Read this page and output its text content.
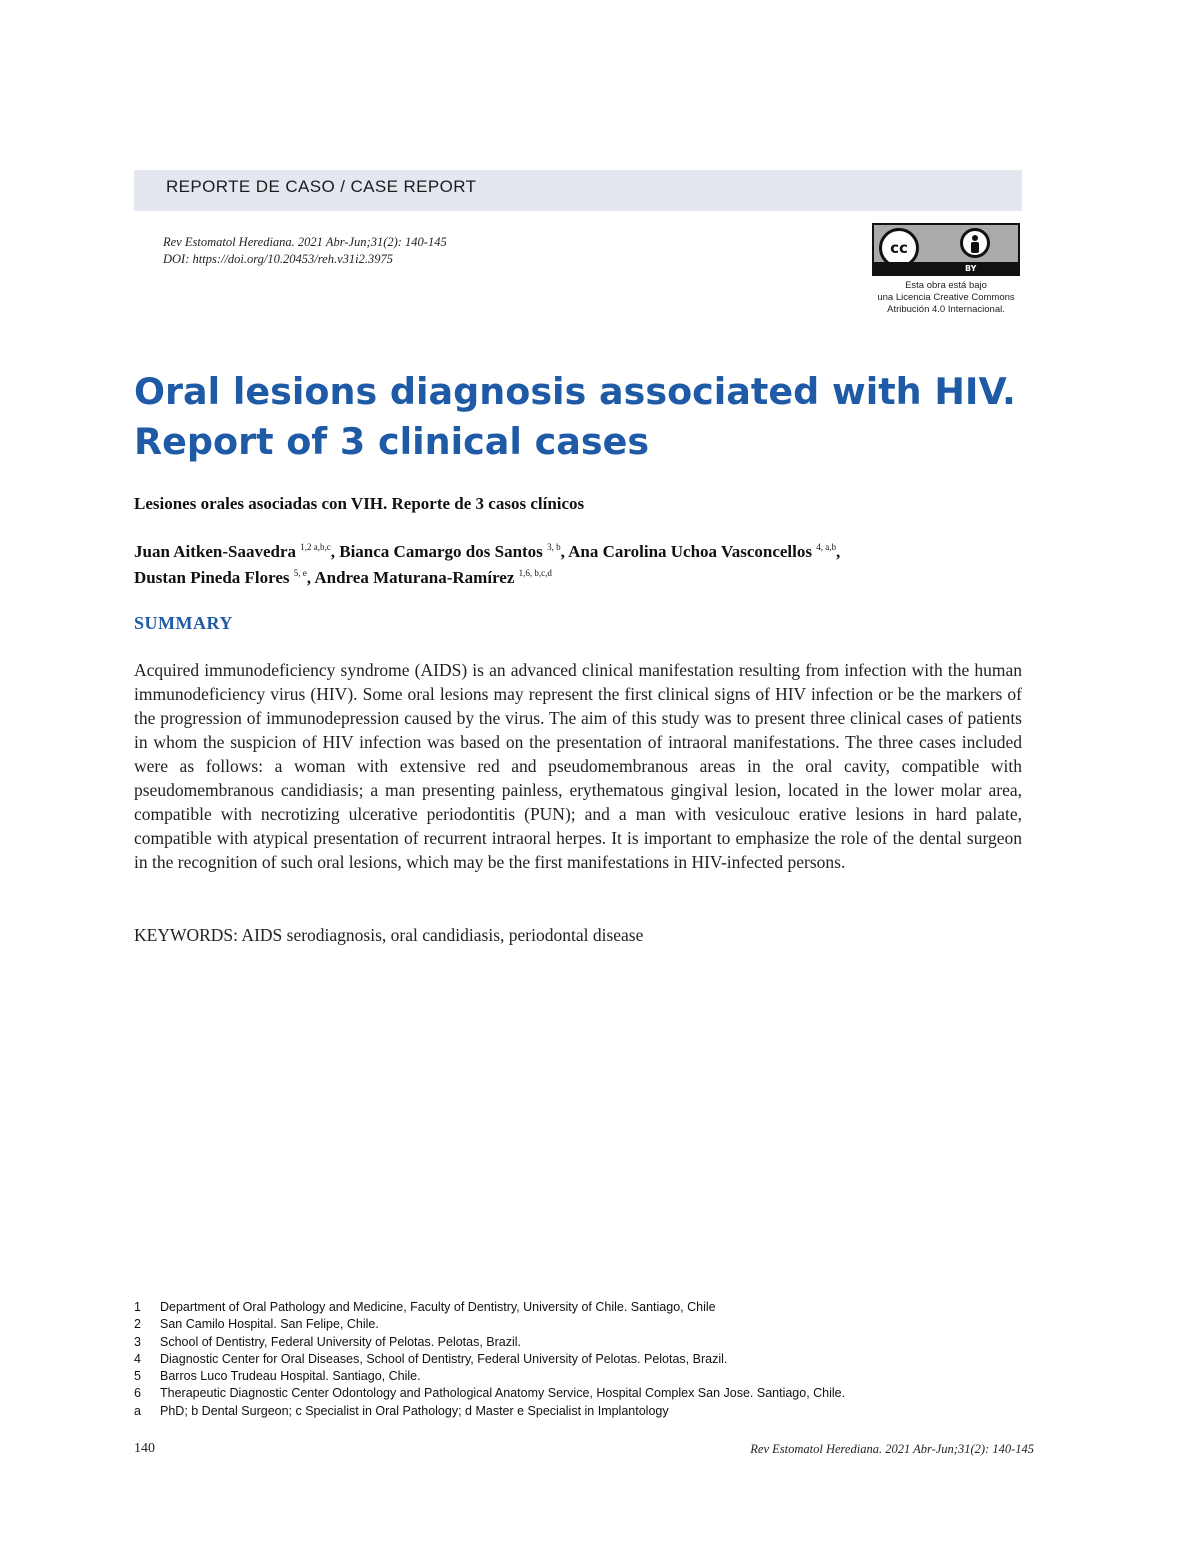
REPORTE DE CASO / CASE REPORT
Rev Estomatol Herediana. 2021 Abr-Jun;31(2): 140-145
DOI: https://doi.org/10.20453/reh.v31i2.3975
cc
BY
Esta obra está bajo
una Licencia Creative Commons
Atribución 4.0 Internacional.
Oral lesions diagnosis associated with HIV.
Report of 3 clinical cases
Lesiones orales asociadas con VIH. Reporte de 3 casos clínicos
Juan Aitken-Saavedra $^{1,2 a,b,c}$, Bianca Camargo dos Santos $^{3, b}$, Ana Carolina Uchoa Vasconcellos $^{4, a,b}$,
Dustan Pineda Flores $^{5, e}$, Andrea Maturana-Ramírez $^{1,6, b,c,d}$
SUMMARY

Acquired immunodeficiency syndrome (AIDS) is an advanced clinical manifestation resulting from infection with the human immunodeficiency virus (HIV). Some oral lesions may represent the first clinical signs of HIV infection or be the markers of the progression of immunodepression caused by the virus. The aim of this study was to present three clinical cases of patients in whom the suspicion of HIV infection was based on the presentation of intraoral manifestations. The three cases included were as follows: a woman with extensive red and pseudomembranous areas in the oral cavity, compatible with pseudomembranous candidiasis; a man presenting painless, erythematous gingival lesion, located in the lower molar area, compatible with necrotizing ulcerative periodontitis (PUN); and a man with vesiculouc erative lesions in hard palate, compatible with atypical presentation of recurrent intraoral herpes. It is important to emphasize the role of the dental surgeon in the recognition of such oral lesions, which may be the first manifestations in HIV-infected persons.

KEYWORDS: AIDS serodiagnosis, oral candidiasis, periodontal disease
1 Department of Oral Pathology and Medicine, Faculty of Dentistry, University of Chile. Santiago, Chile
2 San Camilo Hospital. San Felipe, Chile.
3 School of Dentistry, Federal University of Pelotas. Pelotas, Brazil.
4 Diagnostic Center for Oral Diseases, School of Dentistry, Federal University of Pelotas. Pelotas, Brazil.
5 Barros Luco Trudeau Hospital. Santiago, Chile.
6 Therapeutic Diagnostic Center Odontology and Pathological Anatomy Service, Hospital Complex San Jose. Santiago, Chile.
a PhD; b Dental Surgeon; c Specialist in Oral Pathology; d Master e Specialist in Implantology
140	Rev Estomatol Herediana. 2021 Abr-Jun;31(2): 140-145
